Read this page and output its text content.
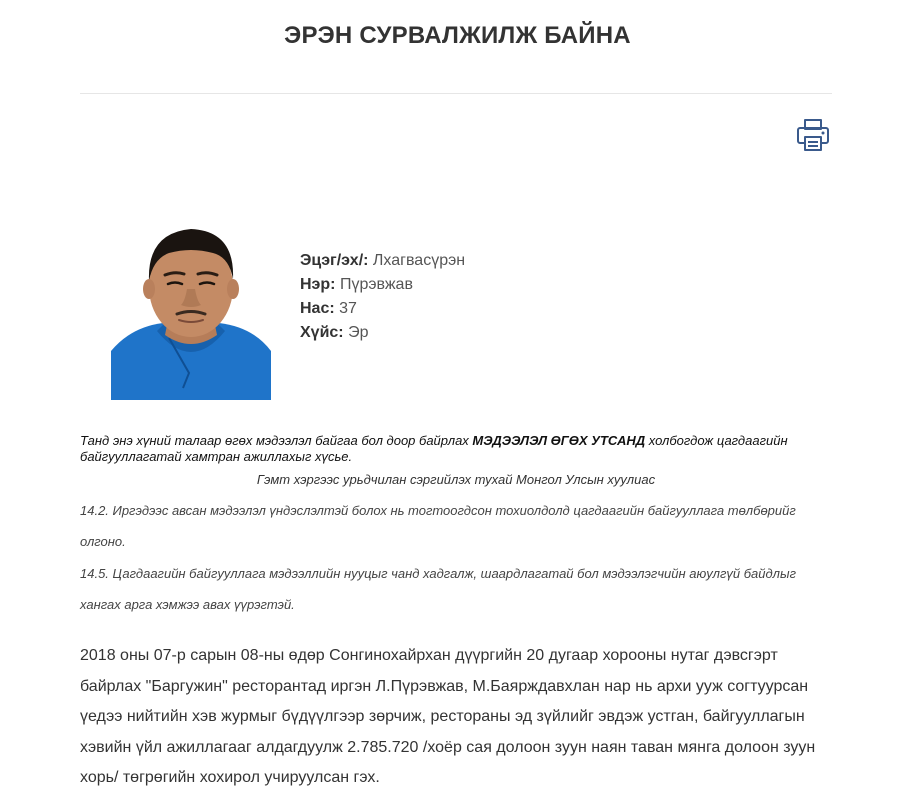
ЭРЭН СУРВАЛЖИЛЖ БАЙНА
Эцэг/эх/: Лхагвасүрэн
Нэр: Пүрэвжав
Нас: 37
Хүйс: Эр
Танд энэ хүний талаар өгөх мэдээлэл байгаа бол доор байрлах МЭДЭЭЛЭЛ ӨГӨХ УТСАНД холбогдож цагдаагийн байгууллагатай хамтран ажиллахыг хүсье.
Гэмт хэргээс урьдчилан сэргийлэх тухай Монгол Улсын хуулиас
14.2. Иргэдээс авсан мэдээлэл үндэслэлтэй болох нь тогтоогдсон тохиолдолд цагдаагийн байгууллага төлбөрийг олгоно.
14.5. Цагдаагийн байгууллага мэдээллийн нууцыг чанд хадгалж, шаардлагатай бол мэдээлэгчийн аюулгүй байдлыг хангах арга хэмжээ авах үүрэгтэй.
2018 оны 07-р сарын 08-ны өдөр Сонгинохайрхан дүүргийн 20 дугаар хорооны нутаг дэвсгэрт байрлах "Баргужин" ресторантад иргэн Л.Пүрэвжав, М.Баярждавхлан нар нь архи ууж согтуурсан үедээ нийтийн хэв журмыг бүдүүлгээр зөрчиж, рестораны эд зүйлийг эвдэж устган, байгууллагын хэвийн үйл ажиллагааг алдагдуулж 2.785.720 /хоёр сая долоон зуун наян таван мянга долоон зуун хорь/ төгрөгийн хохирол учируулсан гэх.
